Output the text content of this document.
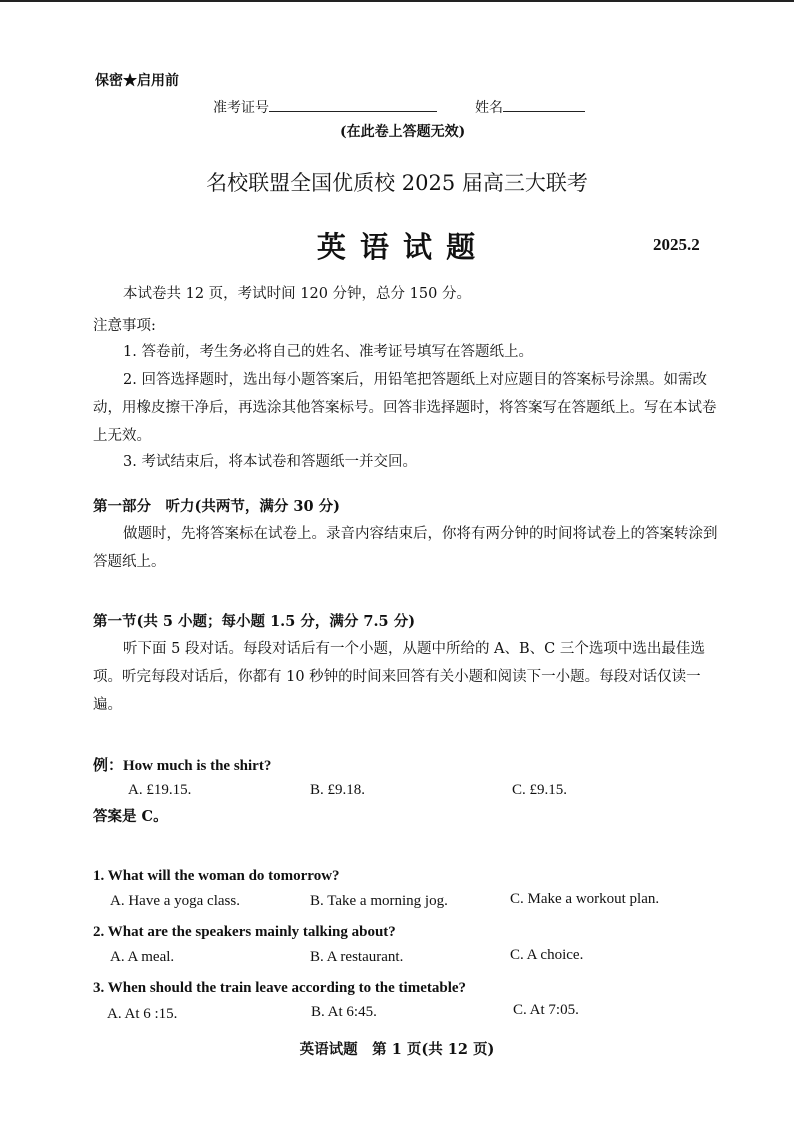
保密★启用前
准考证号	姓名
(在此卷上答题无效)
名校联盟全国优质校 2025 届高三大联考
英 语 试 题	2025.2
本试卷共 12 页，考试时间 120 分钟，总分 150 分。
注意事项:
1. 答卷前，考生务必将自己的姓名、准考证号填写在答题纸上。
2. 回答选择题时，选出每小题答案后，用铅笔把答题纸上对应题目的答案标号涂黑。如需改动，用橡皮擦干净后，再选涂其他答案标号。回答非选择题时，将答案写在答题纸上。写在本试卷上无效。
3. 考试结束后，将本试卷和答题纸一并交回。
第一部分　听力(共两节，满分 30 分)
做题时，先将答案标在试卷上。录音内容结束后，你将有两分钟的时间将试卷上的答案转涂到答题纸上。
第一节(共 5 小题；每小题 1.5 分，满分 7.5 分)
听下面 5 段对话。每段对话后有一个小题，从题中所给的 A、B、C 三个选项中选出最佳选项。听完每段对话后，你都有 10 秒钟的时间来回答有关小题和阅读下一小题。每段对话仅读一遍。
例：How much is the shirt?
A. £19.15.	B. £9.18.	C. £9.15.
答案是 C。
1. What will the woman do tomorrow?
A. Have a yoga class.	B. Take a morning jog.	C. Make a workout plan.
2. What are the speakers mainly talking about?
A. A meal.	B. A restaurant.	C. A choice.
3. When should the train leave according to the timetable?
A. At 6 :15.	B. At 6:45.	C. At 7:05.
英语试题　第 1 页(共 12 页)
